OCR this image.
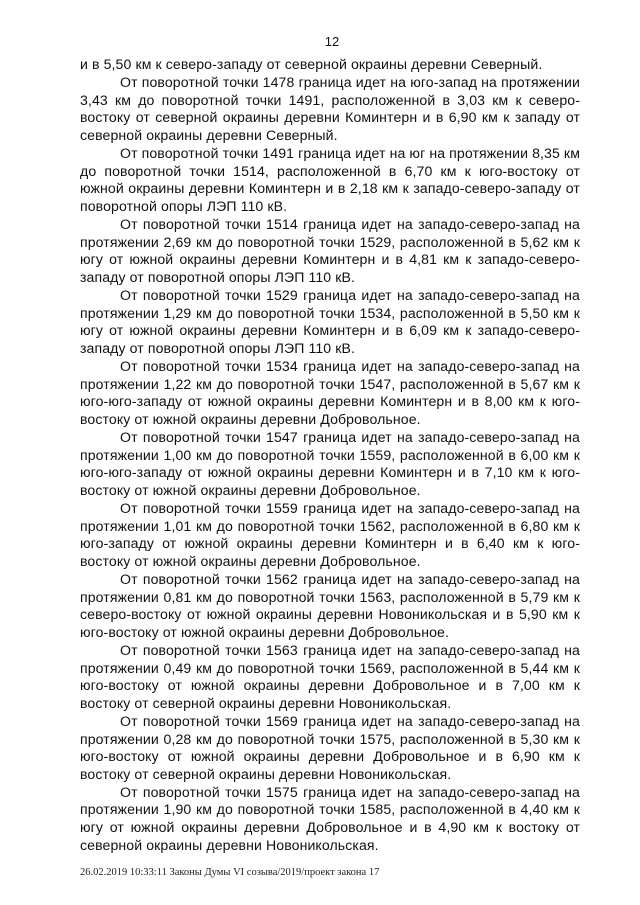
12

и в 5,50 км к северо-западу от северной окраины деревни Северный.

От поворотной точки 1478 граница идет на юго-запад на протяжении 3,43 км до поворотной точки 1491, расположенной в 3,03 км к северо-востоку от северной окраины деревни Коминтерн и в 6,90 км к западу от северной окраины деревни Северный.

От поворотной точки 1491 граница идет на юг на протяжении 8,35 км до поворотной точки 1514, расположенной в 6,70 км к юго-востоку от южной окраины деревни Коминтерн и в 2,18 км к западо-северо-западу от поворотной опоры ЛЭП 110 кВ.

От поворотной точки 1514 граница идет на западо-северо-запад на протяжении 2,69 км до поворотной точки 1529, расположенной в 5,62 км к югу от южной окраины деревни Коминтерн и в 4,81 км к западо-северо-западу от поворотной опоры ЛЭП 110 кВ.

От поворотной точки 1529 граница идет на западо-северо-запад на протяжении 1,29 км до поворотной точки 1534, расположенной в 5,50 км к югу от южной окраины деревни Коминтерн и в 6,09 км к западо-северо-западу от поворотной опоры ЛЭП 110 кВ.

От поворотной точки 1534 граница идет на западо-северо-запад на протяжении 1,22 км до поворотной точки 1547, расположенной в 5,67 км к юго-юго-западу от южной окраины деревни Коминтерн и в 8,00 км к юго-востоку от южной окраины деревни Добровольное.

От поворотной точки 1547 граница идет на западо-северо-запад на протяжении 1,00 км до поворотной точки 1559, расположенной в 6,00 км к юго-юго-западу от южной окраины деревни Коминтерн и в 7,10 км к юго-востоку от южной окраины деревни Добровольное.

От поворотной точки 1559 граница идет на западо-северо-запад на протяжении 1,01 км до поворотной точки 1562, расположенной в 6,80 км к юго-западу от южной окраины деревни Коминтерн и в 6,40 км к юго-востоку от южной окраины деревни Добровольное.

От поворотной точки 1562 граница идет на западо-северо-запад на протяжении 0,81 км до поворотной точки 1563, расположенной в 5,79 км к северо-востоку от южной окраины деревни Новоникольская и в 5,90 км к юго-востоку от южной окраины деревни Добровольное.

От поворотной точки 1563 граница идет на западо-северо-запад на протяжении 0,49 км до поворотной точки 1569, расположенной в 5,44 км к юго-востоку от южной окраины деревни Добровольное и в 7,00 км к востоку от северной окраины деревни Новоникольская.

От поворотной точки 1569 граница идет на западо-северо-запад на протяжении 0,28 км до поворотной точки 1575, расположенной в 5,30 км к юго-востоку от южной окраины деревни Добровольное и в 6,90 км к востоку от северной окраины деревни Новоникольская.

От поворотной точки 1575 граница идет на западо-северо-запад на протяжении 1,90 км до поворотной точки 1585, расположенной в 4,40 км к югу от южной окраины деревни Добровольное и в 4,90 км к востоку от северной окраины деревни Новоникольская.

26.02.2019 10:33:11 Законы Думы VI созыва/2019/проект закона 17
